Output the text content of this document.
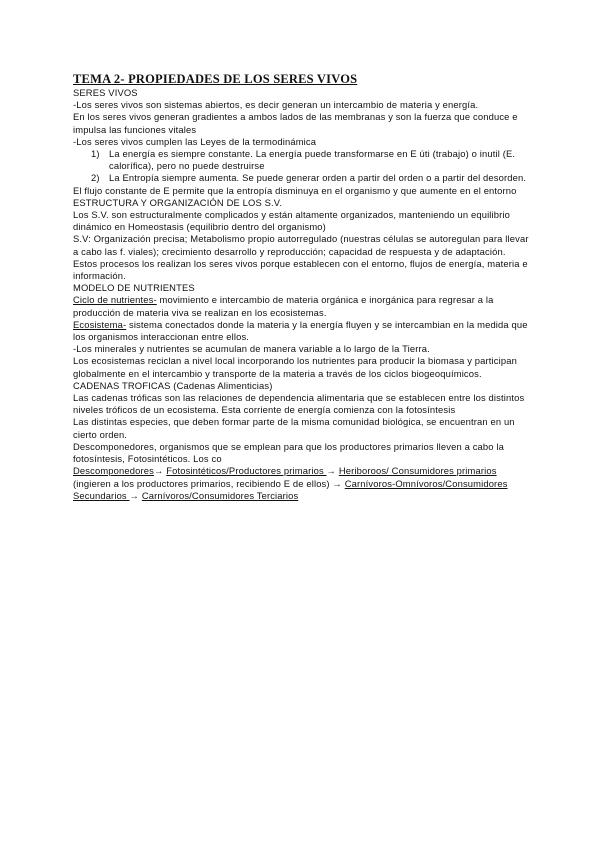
TEMA 2- PROPIEDADES DE LOS SERES VIVOS

SERES VIVOS

-Los seres vivos son sistemas abiertos, es decir generan un intercambio de materia y energía.

En los seres vivos generan gradientes a ambos lados de las membranas y son la fuerza que conduce e impulsa las funciones vitales

-Los seres vivos cumplen las Leyes de la termodinámica

1) La energía es siempre constante. La energía puede transformarse en E úti (trabajo) o inutil (E. calorífica), pero no puede destruirse
2) La Entropía siempre aumenta. Se puede generar orden a partir del orden o a partir del desorden.

El flujo constante de E permite que la entropía disminuya en el organismo y que aumente en el entorno

ESTRUCTURA Y ORGANIZACIÓN DE LOS S.V.

Los S.V. son estructuralmente complicados y están altamente organizados, manteniendo un equilibrio dinámico en Homeostasis (equilibrio dentro del organismo)

S.V: Organización precisa; Metabolismo propio autorregulado (nuestras células se autoregulan para llevar a cabo las f. viales); crecimiento desarrollo y reproducción; capacidad de respuesta y de adaptación.

Estos procesos los realizan los seres vivos porque establecen con el entorno, flujos de energía, materia e información.

MODELO DE NUTRIENTES

Ciclo de nutrientes- movimiento e intercambio de materia orgánica e inorgánica para regresar a la producción de materia viva se realizan en los ecosistemas.

Ecosistema- sistema conectados donde la materia y la energía fluyen y se intercambian en la medida que los organismos interaccionan entre ellos.

-Los minerales y nutrientes se acumulan de manera variable a lo largo de la Tierra.

Los ecosistemas reciclan a nivel local incorporando los nutrientes para producir la biomasa y participan globalmente en el intercambio y transporte de la materia a través de los ciclos biogeoquímicos.

CADENAS TROFICAS (Cadenas Alimenticias)

Las cadenas tróficas son las relaciones de dependencia alimentaria que se establecen entre los distintos niveles tróficos de un ecosistema. Esta corriente de energía comienza con la fotosíntesis

Las distintas especies, que deben formar parte de la misma comunidad biológica, se encuentran en un cierto orden.

Descomponedores, organismos que se emplean para que los productores primarios lleven a cabo la fotosíntesis, Fotosintéticos. Los co

Descomponedores→ Fotosintéticos/Productores primarios → Heriboroos/ Consumidores primarios (ingieren a los productores primarios, recibiendo E de ellos) → Carnívoros-Omnívoros/Consumidores Secundarios → Carnívoros/Consumidores Terciarios
